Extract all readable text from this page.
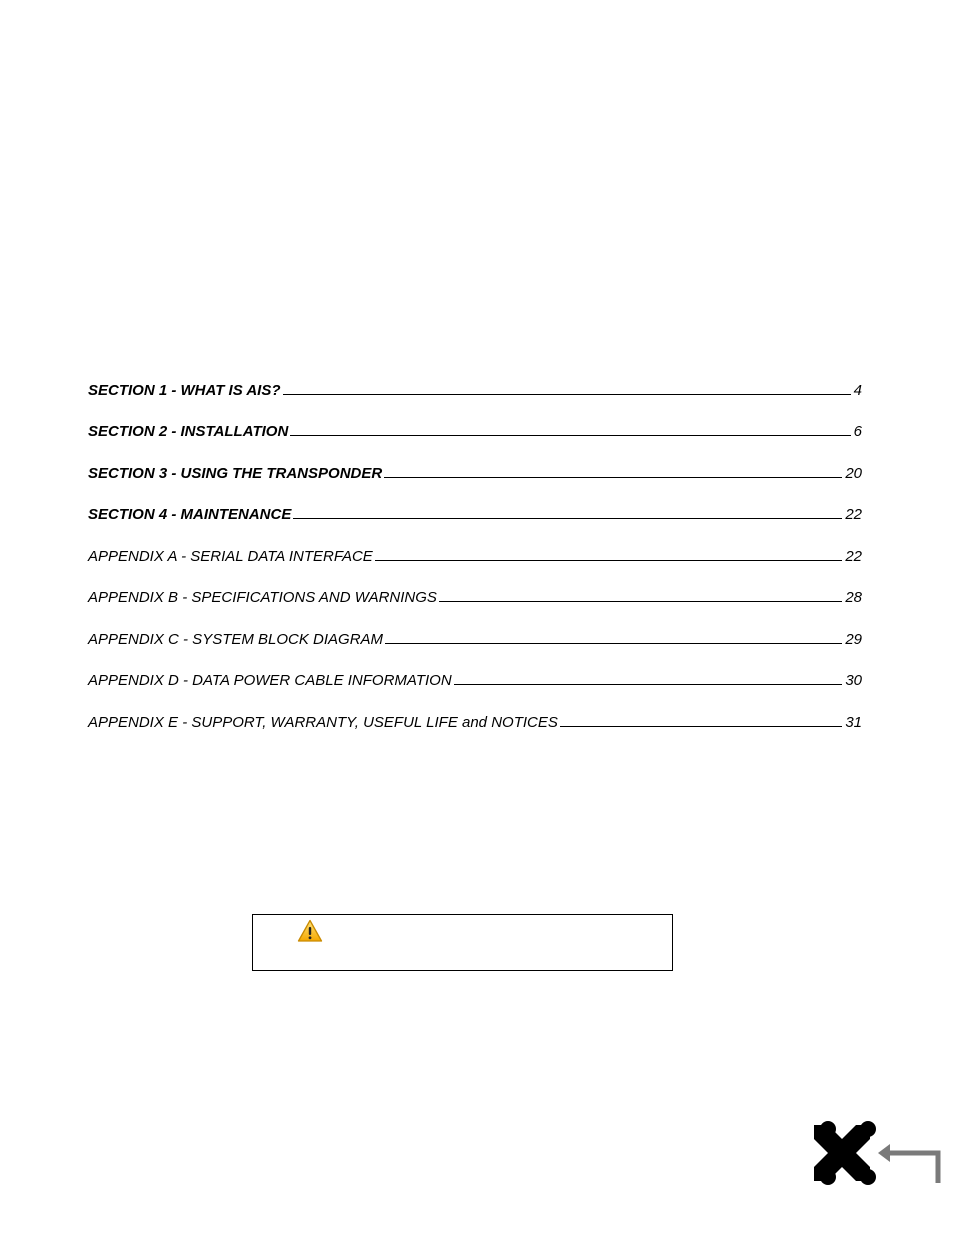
SECTION 1 - WHAT IS AIS?	4
SECTION 2 - INSTALLATION	6
SECTION 3 - USING THE TRANSPONDER	20
SECTION 4 - MAINTENANCE	22
APPENDIX A - SERIAL DATA INTERFACE	22
APPENDIX B - SPECIFICATIONS AND WARNINGS	28
APPENDIX C - SYSTEM BLOCK DIAGRAM	29
APPENDIX D - DATA POWER CABLE INFORMATION	30
APPENDIX E - SUPPORT, WARRANTY, USEFUL LIFE and NOTICES	31
